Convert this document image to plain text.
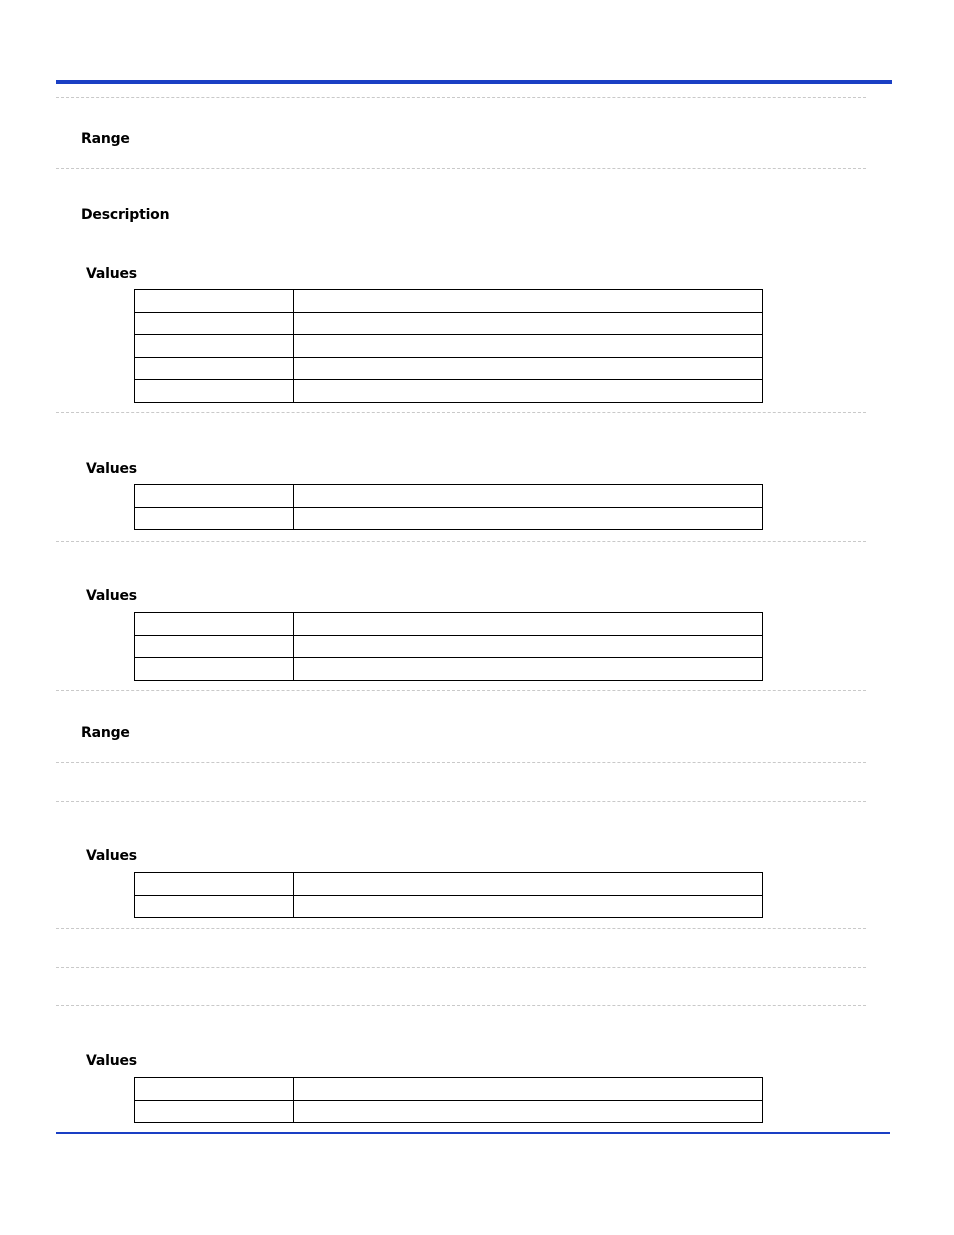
Range
Description
Values

Values

Values

Range
Values

Values
